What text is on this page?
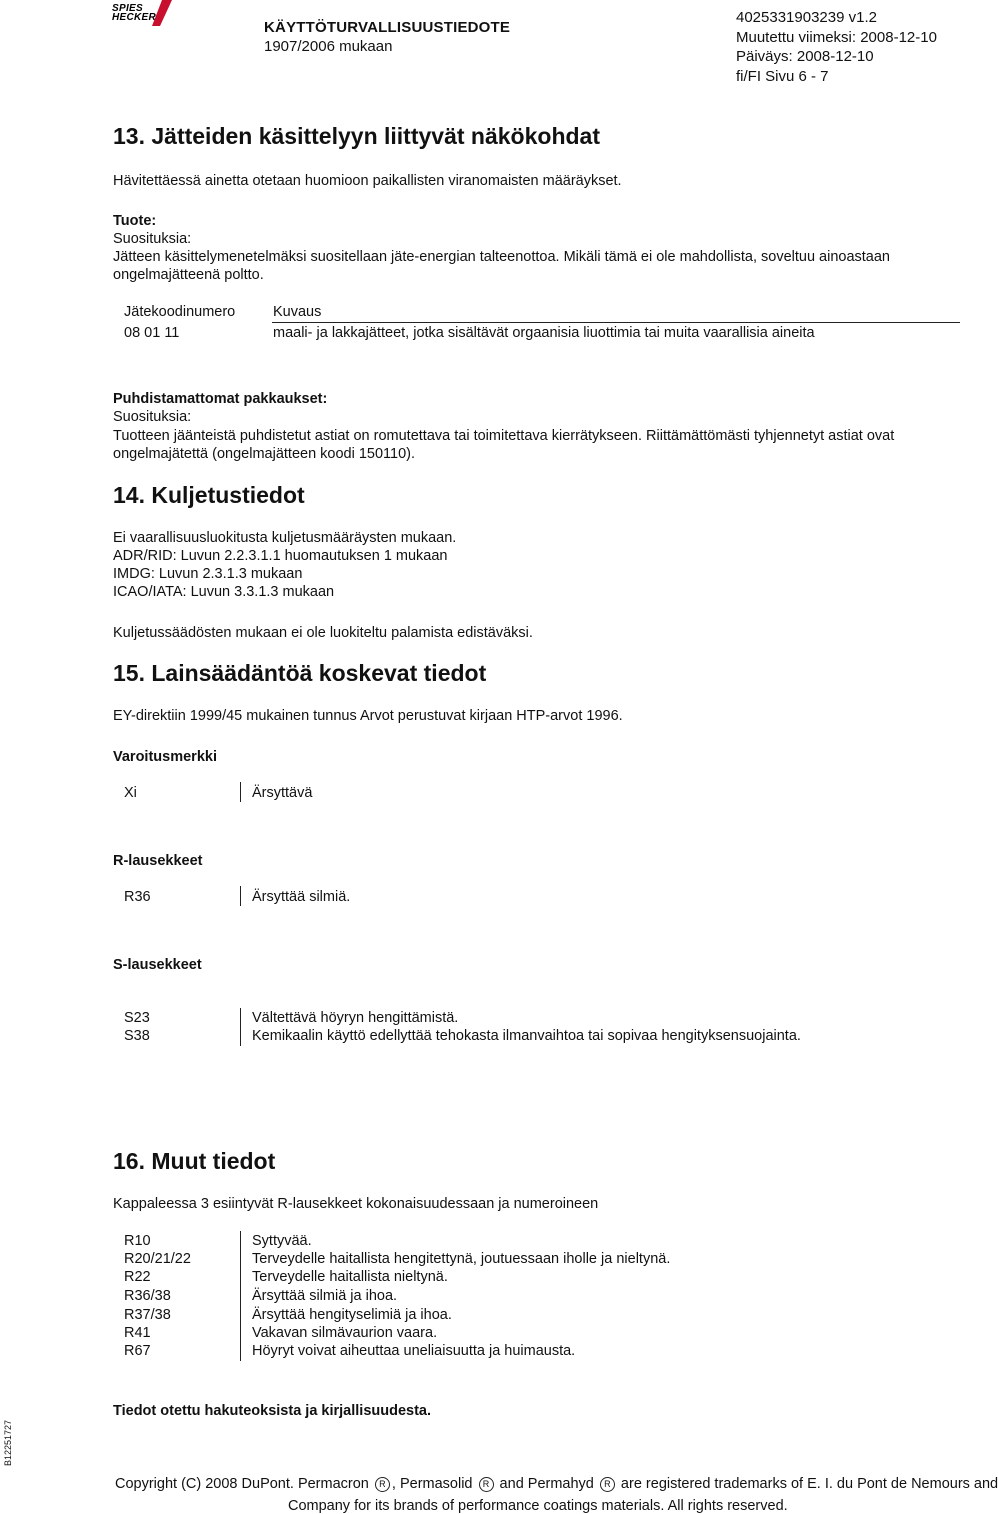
SPIES
HECKER
KÄYTTÖTURVALLISUUSTIEDOTE
1907/2006 mukaan
4025331903239 v1.2
Muutettu viimeksi: 2008-12-10
Päiväys: 2008-12-10
fi/FI Sivu 6 - 7
13. Jätteiden käsittelyyn liittyvät näkökohdat
Hävitettäessä ainetta otetaan huomioon paikallisten viranomaisten määräykset.
Tuote:
Suosituksia:
Jätteen käsittelymenetelmäksi suositellaan jäte-energian talteenottoa. Mikäli tämä ei ole mahdollista, soveltuu ainoastaan
ongelmajätteenä poltto.
Jätekoodinumero	Kuvaus
08 01 11	maali- ja lakkajätteet, jotka sisältävät orgaanisia liuottimia tai muita vaarallisia aineita
Puhdistamattomat pakkaukset:
Suosituksia:
Tuotteen jäänteistä puhdistetut astiat on romutettava tai toimitettava kierrätykseen. Riittämättömästi tyhjennetyt astiat ovat
ongelmajätettä (ongelmajätteen koodi 150110).
14. Kuljetustiedot
Ei vaarallisuusluokitusta kuljetusmääräysten mukaan.
ADR/RID: Luvun 2.2.3.1.1 huomautuksen 1 mukaan
IMDG: Luvun 2.3.1.3 mukaan
ICAO/IATA: Luvun 3.3.1.3 mukaan
Kuljetussäädösten mukaan ei ole luokiteltu palamista edistäväksi.
15. Lainsäädäntöä koskevat tiedot
EY-direktiin 1999/45 mukainen tunnus Arvot perustuvat kirjaan HTP-arvot 1996.
Varoitusmerkki
Xi	Ärsyttävä
R-lausekkeet
R36	Ärsyttää silmiä.
S-lausekkeet
S23	Vältettävä höyryn hengittämistä.
S38	Kemikaalin käyttö edellyttää tehokasta ilmanvaihtoa tai sopivaa hengityksensuojainta.
16. Muut tiedot
Kappaleessa 3 esiintyvät R-lausekkeet kokonaisuudessaan ja numeroineen
R10	Syttyvää.
R20/21/22	Terveydelle haitallista hengitettynä, joutuessaan iholle ja nieltynä.
R22	Terveydelle haitallista nieltynä.
R36/38	Ärsyttää silmiä ja ihoa.
R37/38	Ärsyttää hengityselimiä ja ihoa.
R41	Vakavan silmävaurion vaara.
R67	Höyryt voivat aiheuttaa uneliaisuutta ja huimausta.
Tiedot otettu hakuteoksista ja kirjallisuudesta.
B12251727
Copyright (C) 2008 DuPont. Permacron R , Permasolid R and Permahyd R are registered trademarks of E. I. du Pont de Nemours and
Company for its brands of performance coatings materials. All rights reserved.
